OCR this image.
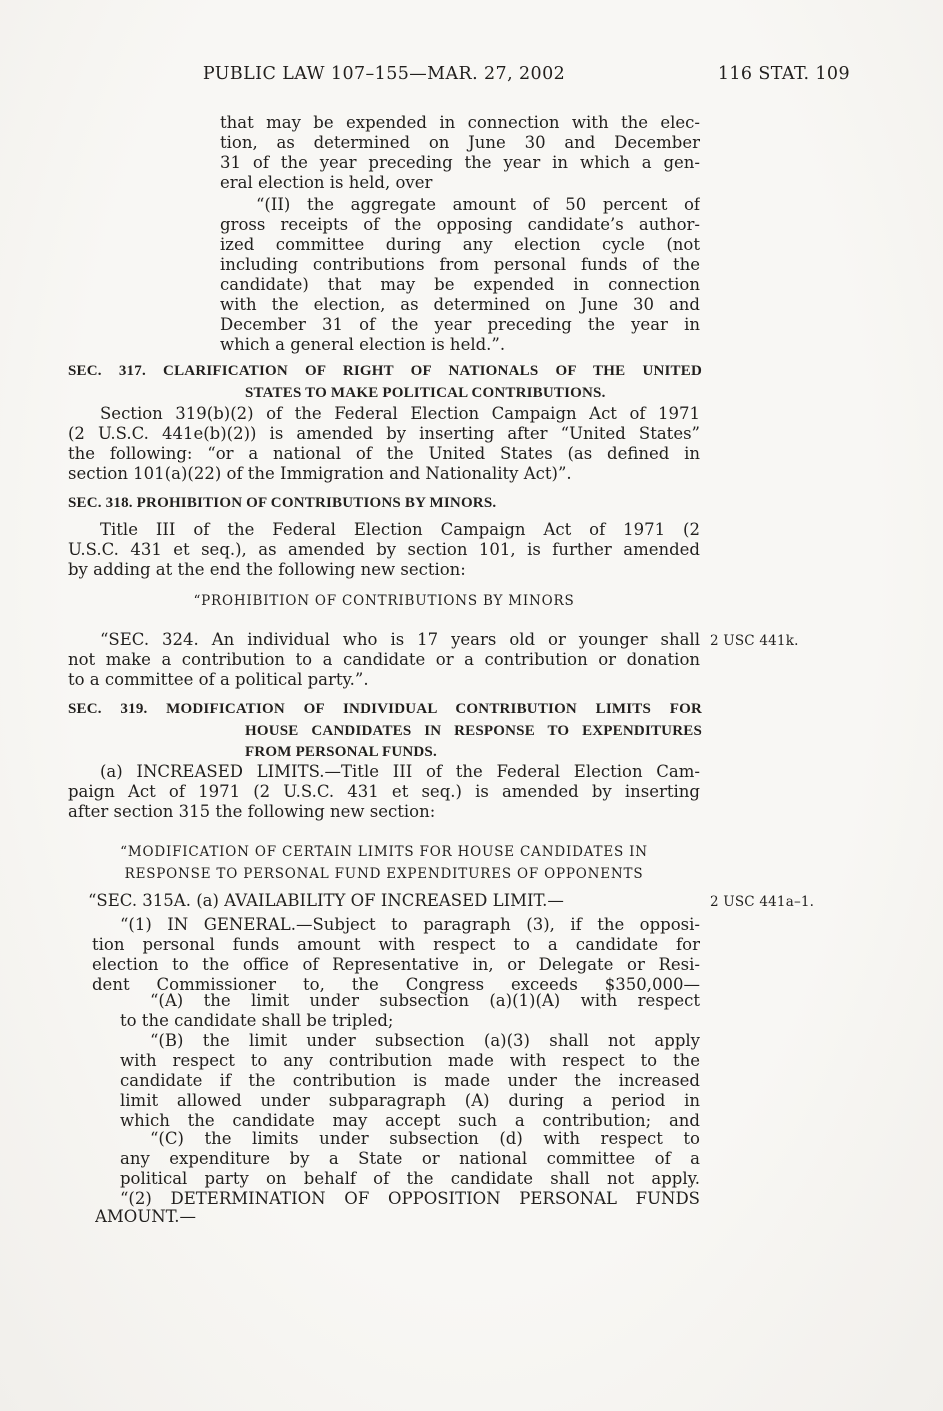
PUBLIC LAW 107–155—MAR. 27, 2002	116 STAT. 109
that may be expended in connection with the elec-
tion, as determined on June 30 and December
31 of the year preceding the year in which a gen-
eral election is held, over
“(II) the aggregate amount of 50 percent of
gross receipts of the opposing candidate’s author-
ized committee during any election cycle (not
including contributions from personal funds of the
candidate) that may be expended in connection
with the election, as determined on June 30 and
December 31 of the year preceding the year in
which a general election is held.”.
SEC. 317. CLARIFICATION OF RIGHT OF NATIONALS OF THE UNITED
STATES TO MAKE POLITICAL CONTRIBUTIONS.
Section 319(b)(2) of the Federal Election Campaign Act of 1971
(2 U.S.C. 441e(b)(2)) is amended by inserting after “United States”
the following: “or a national of the United States (as defined in
section 101(a)(22) of the Immigration and Nationality Act)”.
SEC. 318. PROHIBITION OF CONTRIBUTIONS BY MINORS.
Title III of the Federal Election Campaign Act of 1971 (2
U.S.C. 431 et seq.), as amended by section 101, is further amended
by adding at the end the following new section:
“PROHIBITION OF CONTRIBUTIONS BY MINORS
“SEC. 324. An individual who is 17 years old or younger shall
not make a contribution to a candidate or a contribution or donation
to a committee of a political party.”.
2 USC 441k.
SEC. 319. MODIFICATION OF INDIVIDUAL CONTRIBUTION LIMITS FOR
HOUSE CANDIDATES IN RESPONSE TO EXPENDITURES
FROM PERSONAL FUNDS.
(a) INCREASED LIMITS.—Title III of the Federal Election Cam-
paign Act of 1971 (2 U.S.C. 431 et seq.) is amended by inserting
after section 315 the following new section:
“MODIFICATION OF CERTAIN LIMITS FOR HOUSE CANDIDATES IN
RESPONSE TO PERSONAL FUND EXPENDITURES OF OPPONENTS
“SEC. 315A. (a) AVAILABILITY OF INCREASED LIMIT.—	2 USC 441a–1.
“(1) IN GENERAL.—Subject to paragraph (3), if the opposi-
tion personal funds amount with respect to a candidate for
election to the office of Representative in, or Delegate or Resi-
dent Commissioner to, the Congress exceeds $350,000—
“(A) the limit under subsection (a)(1)(A) with respect
to the candidate shall be tripled;
“(B) the limit under subsection (a)(3) shall not apply
with respect to any contribution made with respect to the
candidate if the contribution is made under the increased
limit allowed under subparagraph (A) during a period in
which the candidate may accept such a contribution; and
“(C) the limits under subsection (d) with respect to
any expenditure by a State or national committee of a
political party on behalf of the candidate shall not apply.
“(2) DETERMINATION OF OPPOSITION PERSONAL FUNDS
AMOUNT.—
